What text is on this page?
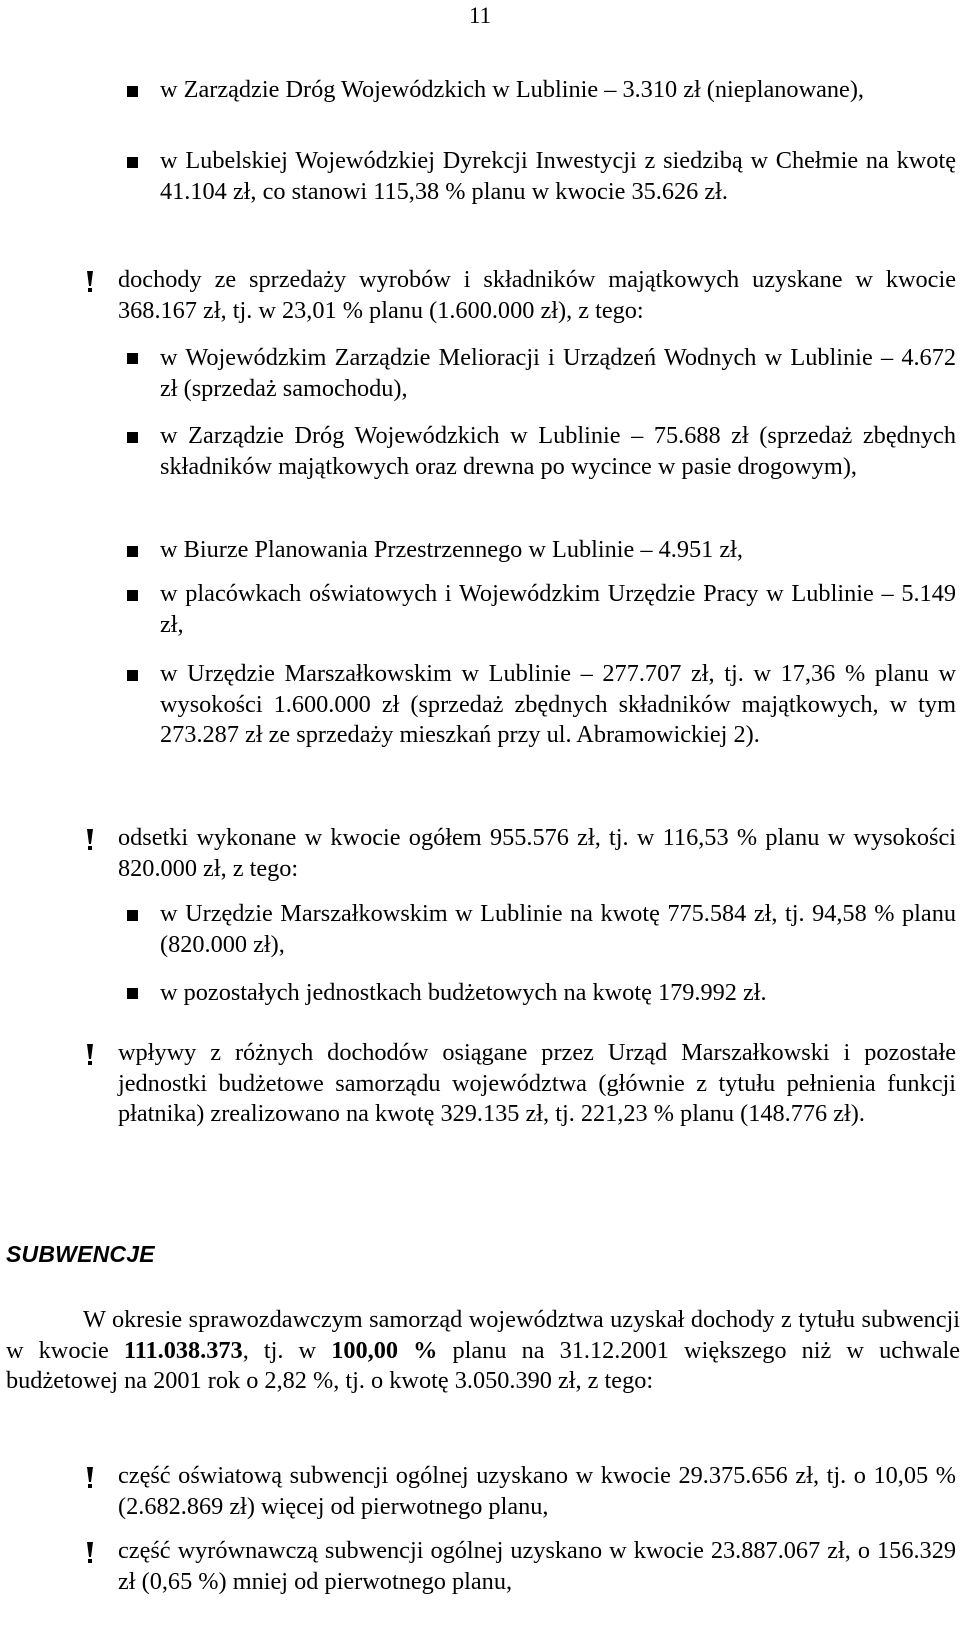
11
w Zarządzie Dróg Wojewódzkich w Lublinie – 3.310 zł (nieplanowane),
w Lubelskiej Wojewódzkiej Dyrekcji Inwestycji z siedzibą w Chełmie na kwotę 41.104 zł, co stanowi 115,38 % planu w kwocie 35.626 zł.
dochody ze sprzedaży wyrobów i składników majątkowych uzyskane w kwocie 368.167 zł, tj. w 23,01 % planu (1.600.000 zł), z tego:
w Wojewódzkim Zarządzie Melioracji i Urządzeń Wodnych w Lublinie – 4.672 zł (sprzedaż samochodu),
w Zarządzie Dróg Wojewódzkich w Lublinie – 75.688 zł (sprzedaż zbędnych składników majątkowych oraz drewna po wycince w pasie drogowym),
w Biurze Planowania Przestrzennego w Lublinie – 4.951 zł,
w placówkach oświatowych i Wojewódzkim Urzędzie Pracy w Lublinie – 5.149 zł,
w Urzędzie Marszałkowskim w Lublinie – 277.707 zł, tj. w 17,36 % planu w wysokości 1.600.000 zł (sprzedaż zbędnych składników majątkowych, w tym 273.287 zł ze sprzedaży mieszkań przy ul. Abramowickiej 2).
odsetki wykonane w kwocie ogółem 955.576 zł, tj. w 116,53 % planu w wysokości 820.000 zł, z tego:
w Urzędzie Marszałkowskim w Lublinie na kwotę 775.584 zł, tj. 94,58 % planu (820.000 zł),
w pozostałych jednostkach budżetowych na kwotę 179.992 zł.
wpływy z różnych dochodów osiągane przez Urząd Marszałkowski i pozostałe jednostki budżetowe samorządu województwa (głównie z tytułu pełnienia funkcji płatnika) zrealizowano na kwotę 329.135 zł, tj. 221,23 % planu (148.776 zł).
SUBWENCJE
W okresie sprawozdawczym samorząd województwa uzyskał dochody z tytułu subwencji w kwocie 111.038.373, tj. w 100,00 % planu na 31.12.2001 większego niż w uchwale budżetowej na 2001 rok o 2,82 %, tj. o kwotę 3.050.390 zł, z tego:
część oświatową subwencji ogólnej uzyskano w kwocie 29.375.656 zł, tj. o 10,05 % (2.682.869 zł) więcej od pierwotnego planu,
część wyrównawczą subwencji ogólnej uzyskano w kwocie 23.887.067 zł, o 156.329 zł (0,65 %) mniej od pierwotnego planu,
